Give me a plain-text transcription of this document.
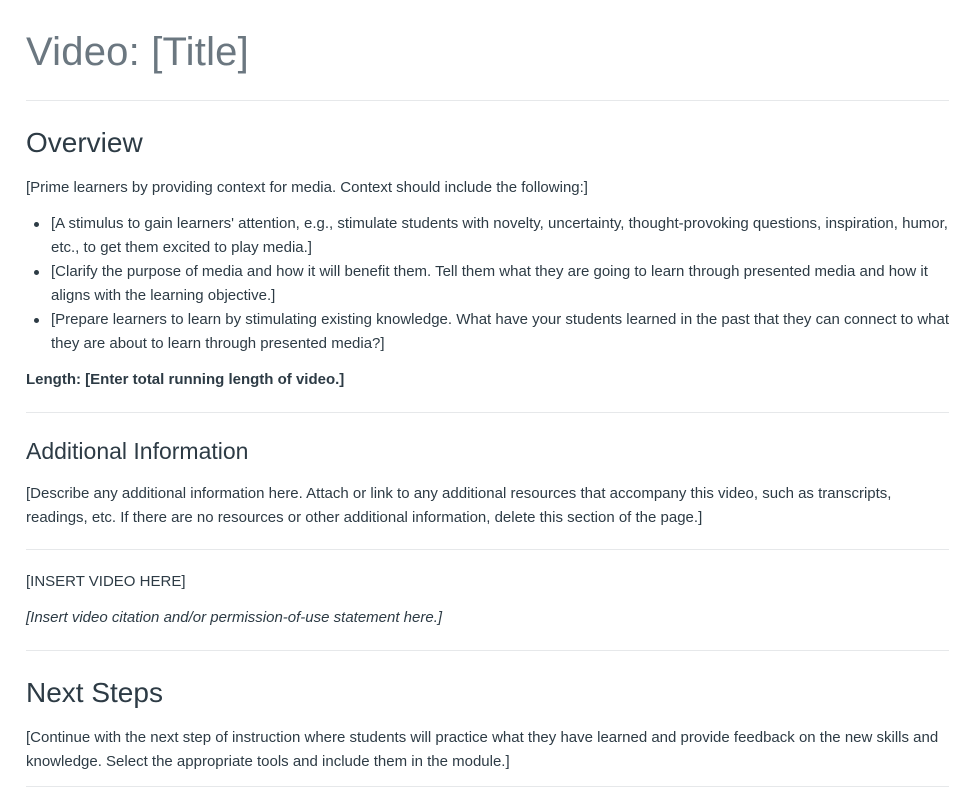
Video: [Title]
Overview

[Prime learners by providing context for media. Context should include the following:]

[A stimulus to gain learners' attention, e.g., stimulate students with novelty, uncertainty, thought-provoking questions, inspiration, humor, etc., to get them excited to play media.]
[Clarify the purpose of media and how it will benefit them. Tell them what they are going to learn through presented media and how it aligns with the learning objective.]
[Prepare learners to learn by stimulating existing knowledge. What have your students learned in the past that they can connect to what they are about to learn through presented media?]

Length: [Enter total running length of video.]

Additional Information

[Describe any additional information here. Attach or link to any additional resources that accompany this video, such as transcripts, readings, etc. If there are no resources or other additional information, delete this section of the page.]

[INSERT VIDEO HERE]

[Insert video citation and/or permission-of-use statement here.]

Next Steps

[Continue with the next step of instruction where students will practice what they have learned and provide feedback on the new skills and knowledge. Select the appropriate tools and include them in the module.]
